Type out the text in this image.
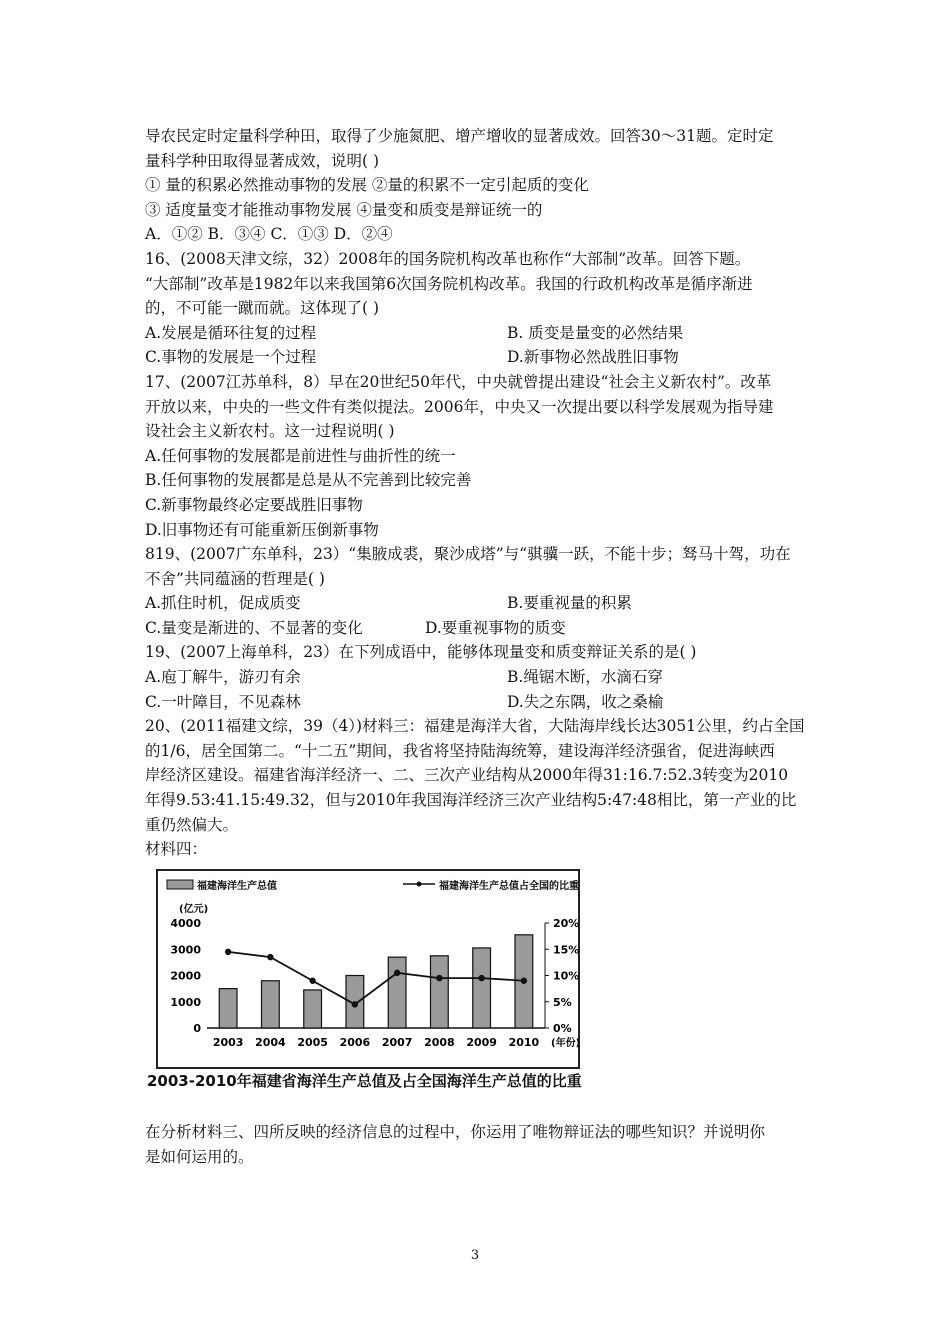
导农民定时定量科学种田，取得了少施氮肥、增产增收的显著成效。回答30～31题。定时定
量科学种田取得显著成效，说明( )
① 量的积累必然推动事物的发展 ②量的积累不一定引起质的变化
③ 适度量变才能推动事物发展 ④量变和质变是辩证统一的
A．①② B．③④ C．①③ D．②④
16、(2008天津文综，32）2008年的国务院机构改革也称作“大部制”改革。回答下题。
“大部制”改革是1982年以来我国第6次国务院机构改革。我国的行政机构改革是循序渐进
的，不可能一蹴而就。这体现了( )
A.发展是循环往复的过程	B. 质变是量变的必然结果
C.事物的发展是一个过程	D.新事物必然战胜旧事物
17、(2007江苏单科，8）早在20世纪50年代，中央就曾提出建设“社会主义新农村”。改革
开放以来，中央的一些文件有类似提法。2006年，中央又一次提出要以科学发展观为指导建
设社会主义新农村。这一过程说明( )
A.任何事物的发展都是前进性与曲折性的统一
B.任何事物的发展都是总是从不完善到比较完善
C.新事物最终必定要战胜旧事物
D.旧事物还有可能重新压倒新事物
819、(2007广东单科，23）“集腋成裘，聚沙成塔”与“骐骥一跃，不能十步；驽马十驾，功在
不舍”共同蕴涵的哲理是( )
A.抓住时机，促成质变	B.要重视量的积累
C.量变是渐进的、不显著的变化	D.要重视事物的质变
19、(2007上海单科，23）在下列成语中，能够体现量变和质变辩证关系的是( )
A.庖丁解牛，游刃有余	B.绳锯木断，水滴石穿
C.一叶障目，不见森林	D.失之东隅，收之桑榆
20、(2011福建文综，39（4）)材料三：福建是海洋大省，大陆海岸线长达3051公里，约占全国
的1/6，居全国第二。“十二五”期间，我省将坚持陆海统筹，建设海洋经济强省，促进海峡西
岸经济区建设。福建省海洋经济一、二、三次产业结构从2000年得31:16.7:52.3转变为2010
年得9.53:41.15:49.32，但与2010年我国海洋经济三次产业结构5:47:48相比，第一产业的比
重仍然偏大。
材料四：
福建海洋生产总值	福建海洋生产总值占全国的比重
(亿元)
0
1000
2000
3000
4000
0%
5%
10%
15%
20%
2003 2004 2005 2006 2007 2008 2009 2010 (年份)
2003-2010年福建省海洋生产总值及占全国海洋生产总值的比重
在分析材料三、四所反映的经济信息的过程中，你运用了唯物辩证法的哪些知识？并说明你
是如何运用的。
3
